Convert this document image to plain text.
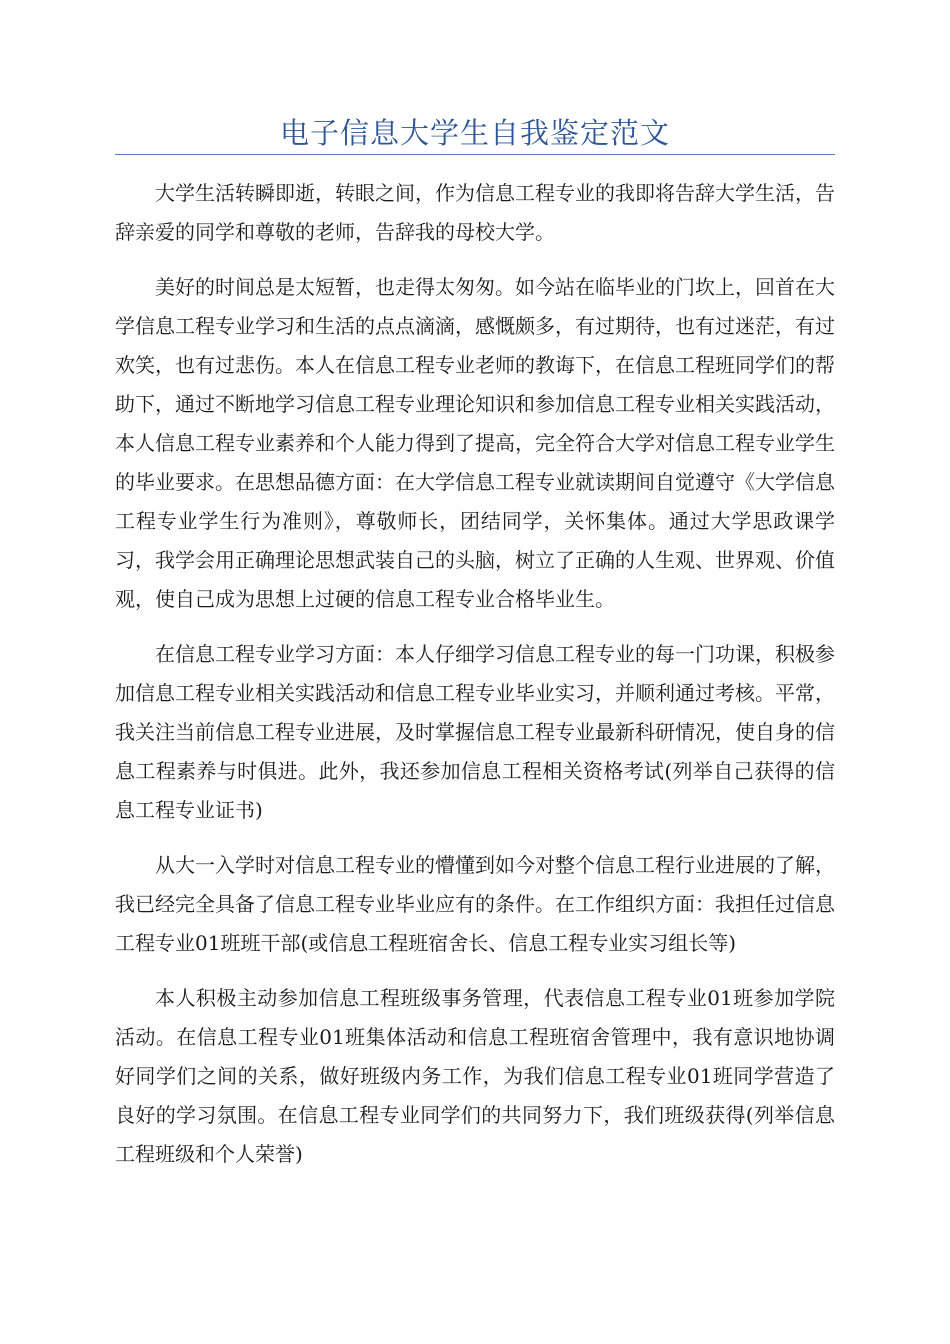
电子信息大学生自我鉴定范文

大学生活转瞬即逝，转眼之间，作为信息工程专业的我即将告辞大学生活，告辞亲爱的同学和尊敬的老师，告辞我的母校大学。

美好的时间总是太短暂，也走得太匆匆。如今站在临毕业的门坎上，回首在大学信息工程专业学习和生活的点点滴滴，感慨颇多，有过期待，也有过迷茫，有过欢笑，也有过悲伤。本人在信息工程专业老师的教诲下，在信息工程班同学们的帮助下，通过不断地学习信息工程专业理论知识和参加信息工程专业相关实践活动，本人信息工程专业素养和个人能力得到了提高，完全符合大学对信息工程专业学生的毕业要求。在思想品德方面：在大学信息工程专业就读期间自觉遵守《大学信息工程专业学生行为准则》，尊敬师长，团结同学，关怀集体。通过大学思政课学习，我学会用正确理论思想武装自己的头脑，树立了正确的人生观、世界观、价值观，使自己成为思想上过硬的信息工程专业合格毕业生。

在信息工程专业学习方面：本人仔细学习信息工程专业的每一门功课，积极参加信息工程专业相关实践活动和信息工程专业毕业实习，并顺利通过考核。平常，我关注当前信息工程专业进展，及时掌握信息工程专业最新科研情况，使自身的信息工程素养与时俱进。此外，我还参加信息工程相关资格考试(列举自己获得的信息工程专业证书)

从大一入学时对信息工程专业的懵懂到如今对整个信息工程行业进展的了解，我已经完全具备了信息工程专业毕业应有的条件。在工作组织方面：我担任过信息工程专业01班班干部(或信息工程班宿舍长、信息工程专业实习组长等)

本人积极主动参加信息工程班级事务管理，代表信息工程专业01班参加学院活动。在信息工程专业01班集体活动和信息工程班宿舍管理中，我有意识地协调好同学们之间的关系，做好班级内务工作，为我们信息工程专业01班同学营造了良好的学习氛围。在信息工程专业同学们的共同努力下，我们班级获得(列举信息工程班级和个人荣誉)
